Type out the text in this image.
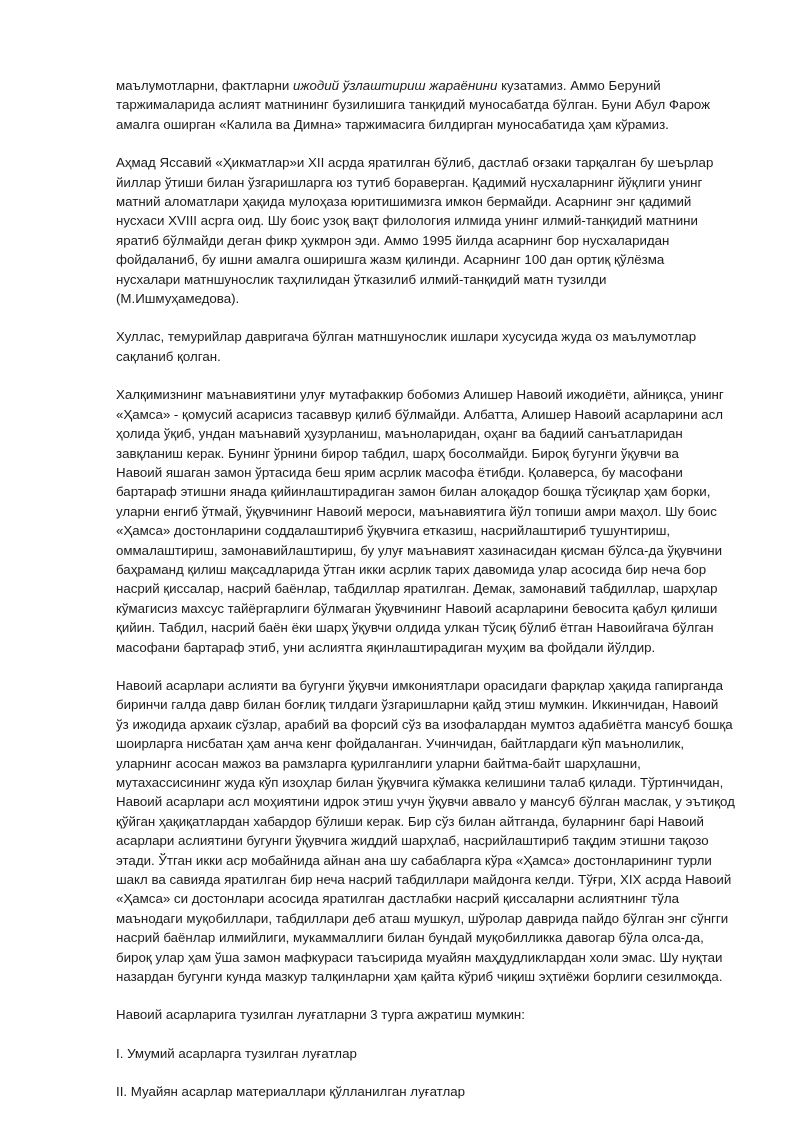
маълумотларни, фактларни ижодий ўзлаштириш жараёнини кузатамиз. Аммо Беруний
таржималарида аслият матнининг бузилишига танқидий муносабатда бўлган. Буни Абул Фарож
амалга оширган «Калила ва Димна» таржимасига билдирган муносабатида ҳам кўрамиз.

Аҳмад Яссавий «Ҳикматлар»и XII асрда яратилган бўлиб, дастлаб оғзаки тарқалган бу шеърлар
йиллар ўтиши билан ўзгаришларга юз тутиб бораверган. Қадимий нусхаларнинг йўқлиги унинг
матний аломатлари ҳақида мулоҳаза юритишимизга имкон бермайди. Асарнинг энг қадимий
нусхаси XVIII асрга оид. Шу боис узоқ вақт филология илмида унинг илмий-танқидий матнини
яратиб бўлмайди деган фикр ҳукмрон эди. Аммо 1995 йилда асарнинг бор нусхаларидан
фойдаланиб, бу ишни амалга оширишга жазм қилинди. Асарнинг 100 дан ортиқ қўлёзма
нусхалари матншунослик таҳлилидан ўтказилиб илмий-танқидий матн тузилди
(М.Ишмуҳамедова).

Хуллас, темурийлар давригача бўлган матншунослик ишлари хусусида жуда оз маълумотлар
сақланиб қолган.

Халқимизнинг маънавиятини улуғ мутафаккир бобомиз Алишер Навоий ижодиёти, айниқса, унинг
«Ҳамса» - қомусий асарисиз тасаввур қилиб бўлмайди. Албатта, Алишер Навоий асарларини асл
ҳолида ўқиб, ундан маънавий ҳузурланиш, маъноларидан, оҳанг ва бадиий санъатларидан
завқланиш керак. Бунинг ўрнини бирор табдил, шарҳ босолмайди. Бироқ бугунги ўқувчи ва
Навоий яшаган замон ўртасида беш ярим асрлик масофа ётибди. Қолаверса, бу масофани
бартараф этишни янада қийинлаштирадиган замон билан алоқадор бошқа тўсиқлар ҳам борки,
уларни енгиб ўтмай, ўқувчининг Навоий мероси, маънавиятига йўл топиши амри маҳол. Шу боис
«Ҳамса» достонларини соддалаштириб ўқувчига етказиш, насрийлаштириб тушунтириш,
оммалаштириш, замонавийлаштириш, бу улуғ маънавият хазинасидан қисман бўлса-да ўқувчини
баҳраманд қилиш мақсадларида ўтган икки асрлик тарих давомида улар асосида бир неча бор
насрий қиссалар, насрий баёнлар, табдиллар яратилган. Демак, замонавий табдиллар, шарҳлар
кўмагисиз махсус тайёргарлиги бўлмаган ўқувчининг Навоий асарларини бевосита қабул қилиши
қийин. Табдил, насрий баён ёки шарҳ ўқувчи олдида улкан тўсиқ бўлиб ётган Навоийгача бўлган
масофани бартараф этиб, уни аслиятга яқинлаштирадиган муҳим ва фойдали йўлдир.

Навоий асарлари аслияти ва бугунги ўқувчи имкониятлари орасидаги фарқлар ҳақида гапирганда
биринчи галда давр билан боғлиқ тилдаги ўзгаришларни қайд этиш мумкин. Иккинчидан, Навоий
ўз ижодида архаик сўзлар, арабий ва форсий сўз ва изофалардан мумтоз адабиётга мансуб бошқа
шоирларга нисбатан ҳам анча кенг фойдаланган. Учинчидан, байтлардаги кўп маънолилик,
уларнинг асосан мажоз ва рамзларга қурилганлиги уларни байтма-байт шарҳлашни,
мутахассисининг жуда кўп изоҳлар билан ўқувчига кўмакка келишини талаб қилади. Тўртинчидан,
Навоий асарлари асл моҳиятини идрок этиш учун ўқувчи аввало у мансуб бўлган маслак, у эътиқод
қўйган ҳақиқатлардан хабардор бўлиши керак. Бир сўз билан айтганда, буларнинг барі Навоий
асарлари аслиятини бугунги ўқувчига жиддий шарҳлаб, насрийлаштириб тақдим этишни тақозо
этади. Ўтган икки аср мобайнида айнан ана шу сабабларга кўра «Ҳамса» достонларининг турли
шакл ва савияда яратилган бир неча насрий табдиллари майдонга келди. Тўғри, XIX асрда Навоий
«Ҳамса» си достонлари асосида яратилган дастлабки насрий қиссаларни аслиятнинг тўла
маънодаги муқобиллари, табдиллари деб аташ мушкул, шўролар даврида пайдо бўлган энг сўнгги
насрий баёнлар илмийлиги, мукаммаллиги билан бундай муқобилликка давогар бўла олса-да,
бироқ улар ҳам ўша замон мафкураси таъсирида муайян маҳдудликлардан холи эмас. Шу нуқтаи
назардан бугунги кунда мазкур талқинларни ҳам қайта кўриб чиқиш эҳтиёжи борлиги сезилмоқда.

Навоий асарларига тузилган луғатларни 3 турга ажратиш мумкин:

I. Умумий асарларга тузилган луғатлар

II. Муайян асарлар материаллари қўлланилган луғатлар
